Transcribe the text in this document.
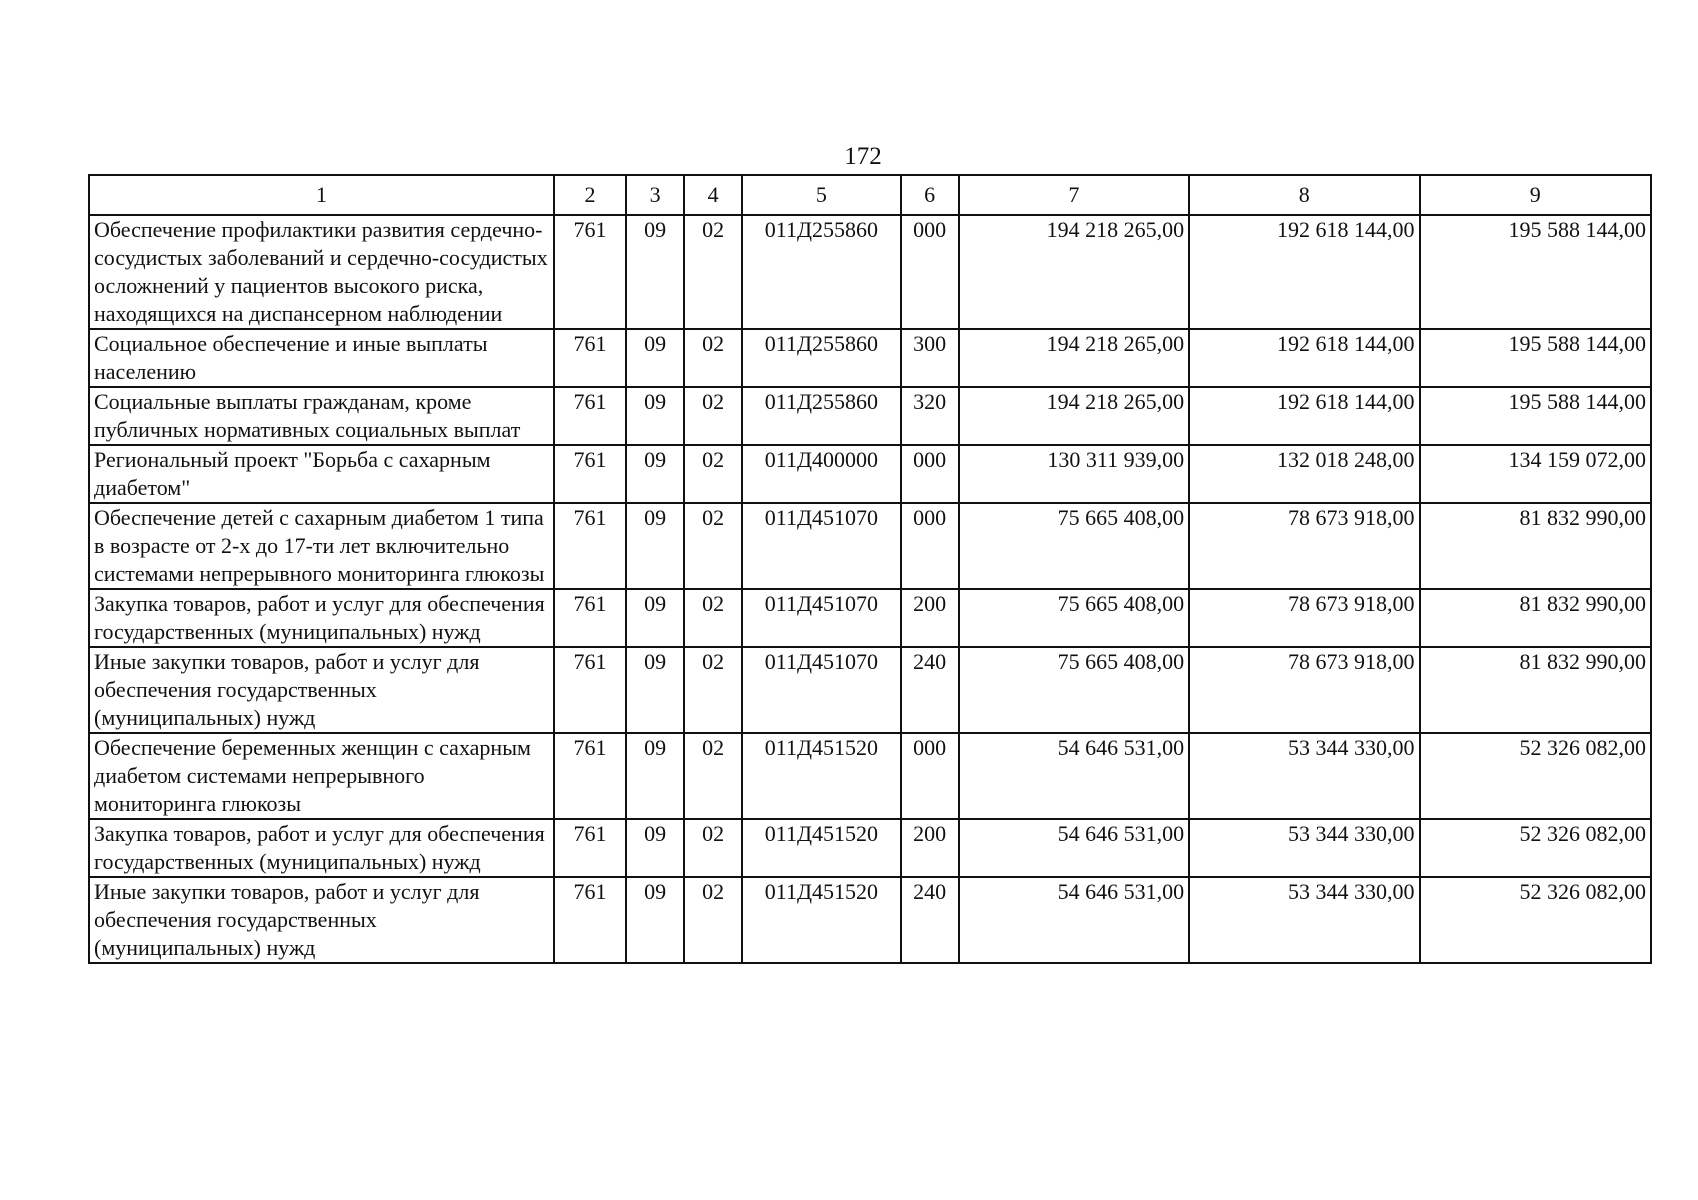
172
1	2	3	4	5	6	7	8	9
Обеспечение профилактики развития сердечно-сосудистых заболеваний и сердечно-сосудистых осложнений у пациентов высокого риска, находящихся на диспансерном наблюдении	761	09	02	011Д255860	000	194 218 265,00	192 618 144,00	195 588 144,00
Социальное обеспечение и иные выплаты населению	761	09	02	011Д255860	300	194 218 265,00	192 618 144,00	195 588 144,00
Социальные выплаты гражданам, кроме публичных нормативных социальных выплат	761	09	02	011Д255860	320	194 218 265,00	192 618 144,00	195 588 144,00
Региональный проект "Борьба с сахарным диабетом"	761	09	02	011Д400000	000	130 311 939,00	132 018 248,00	134 159 072,00
Обеспечение детей с сахарным диабетом 1 типа в возрасте от 2-х до 17-ти лет включительно системами непрерывного мониторинга глюкозы	761	09	02	011Д451070	000	75 665 408,00	78 673 918,00	81 832 990,00
Закупка товаров, работ и услуг для обеспечения государственных (муниципальных) нужд	761	09	02	011Д451070	200	75 665 408,00	78 673 918,00	81 832 990,00
Иные закупки товаров, работ и услуг для обеспечения государственных (муниципальных) нужд	761	09	02	011Д451070	240	75 665 408,00	78 673 918,00	81 832 990,00
Обеспечение беременных женщин с сахарным диабетом системами непрерывного мониторинга глюкозы	761	09	02	011Д451520	000	54 646 531,00	53 344 330,00	52 326 082,00
Закупка товаров, работ и услуг для обеспечения государственных (муниципальных) нужд	761	09	02	011Д451520	200	54 646 531,00	53 344 330,00	52 326 082,00
Иные закупки товаров, работ и услуг для обеспечения государственных (муниципальных) нужд	761	09	02	011Д451520	240	54 646 531,00	53 344 330,00	52 326 082,00
